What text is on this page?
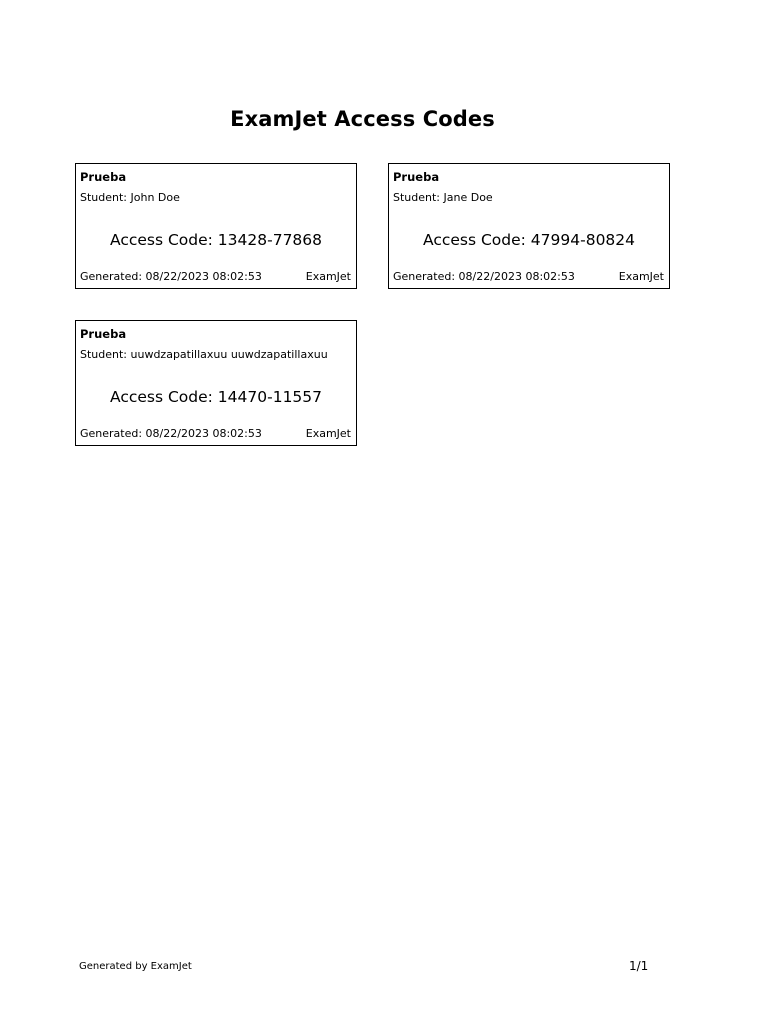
ExamJet Access Codes
Prueba
Student: John Doe
Access Code: 13428-77868
Generated: 08/22/2023 08:02:53	ExamJet
Prueba
Student: Jane Doe
Access Code: 47994-80824
Generated: 08/22/2023 08:02:53	ExamJet
Prueba
Student: uuwdzapatillaxuu uuwdzapatillaxuu
Access Code: 14470-11557
Generated: 08/22/2023 08:02:53	ExamJet
Generated by ExamJet	1/1
